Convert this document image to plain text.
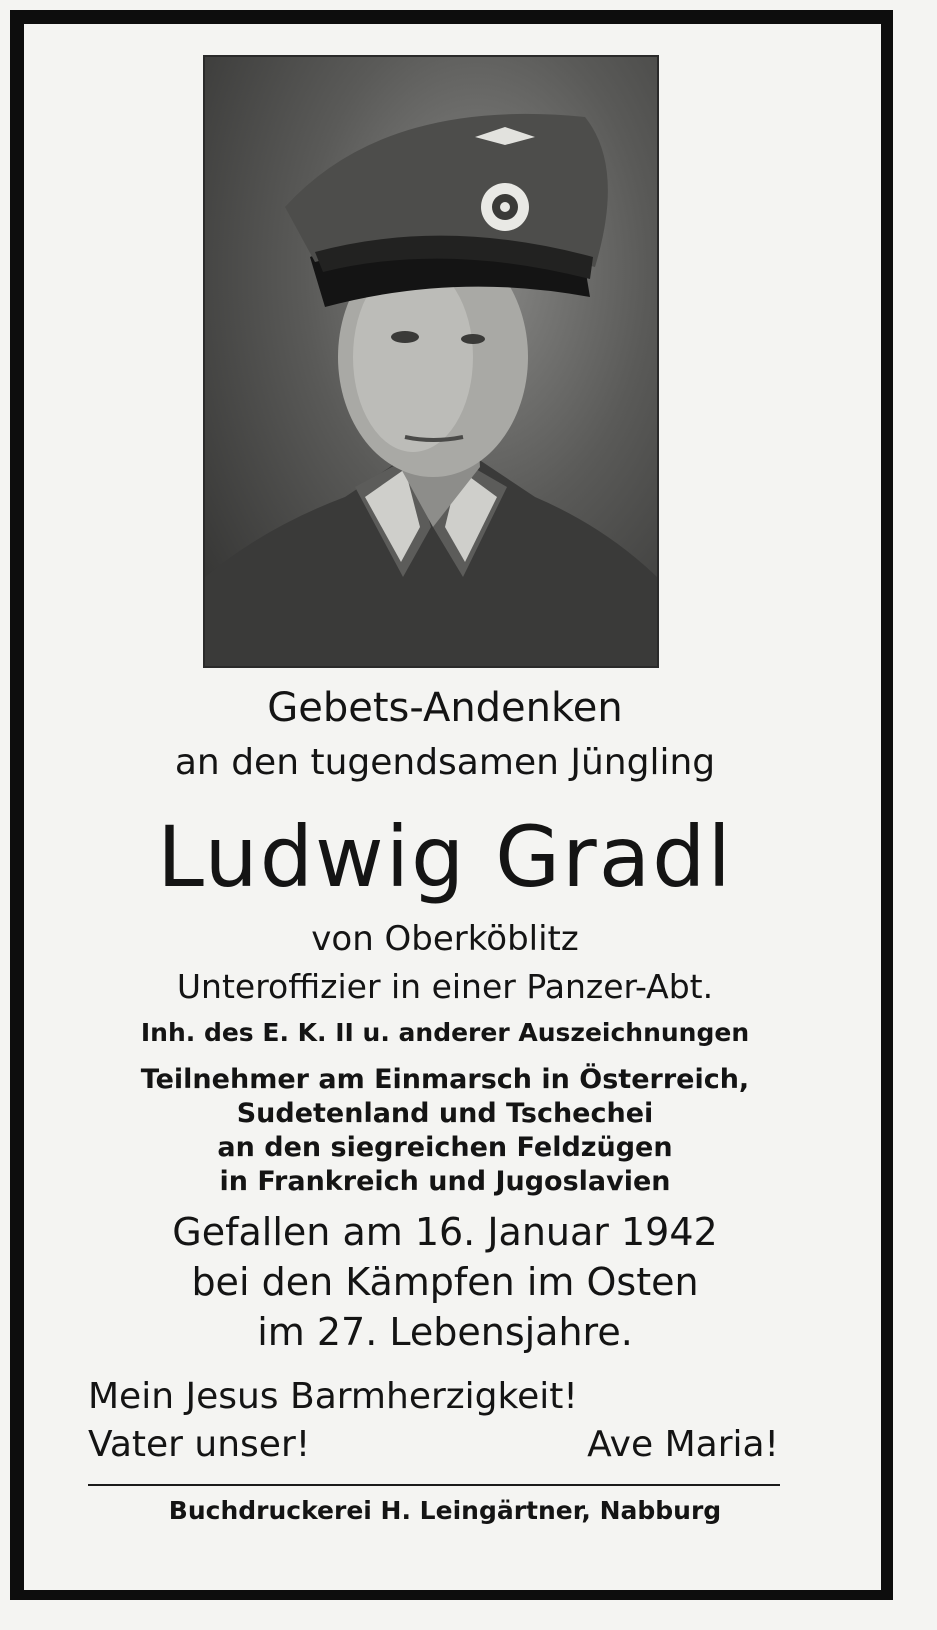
Gebets-Andenken
an den tugendsamen Jüngling
Ludwig Gradl
von Oberköblitz
Unteroffizier in einer Panzer-Abt.
Inh. des E. K. II u. anderer Auszeichnungen
Teilnehmer am Einmarsch in Österreich,
Sudetenland und Tschechei
an den siegreichen Feldzügen
in Frankreich und Jugoslavien
Gefallen am 16. Januar 1942
bei den Kämpfen im Osten
im 27. Lebensjahre.
Mein Jesus Barmherzigkeit!
Vater unser!	Ave Maria!
Buchdruckerei H. Leingärtner, Nabburg
